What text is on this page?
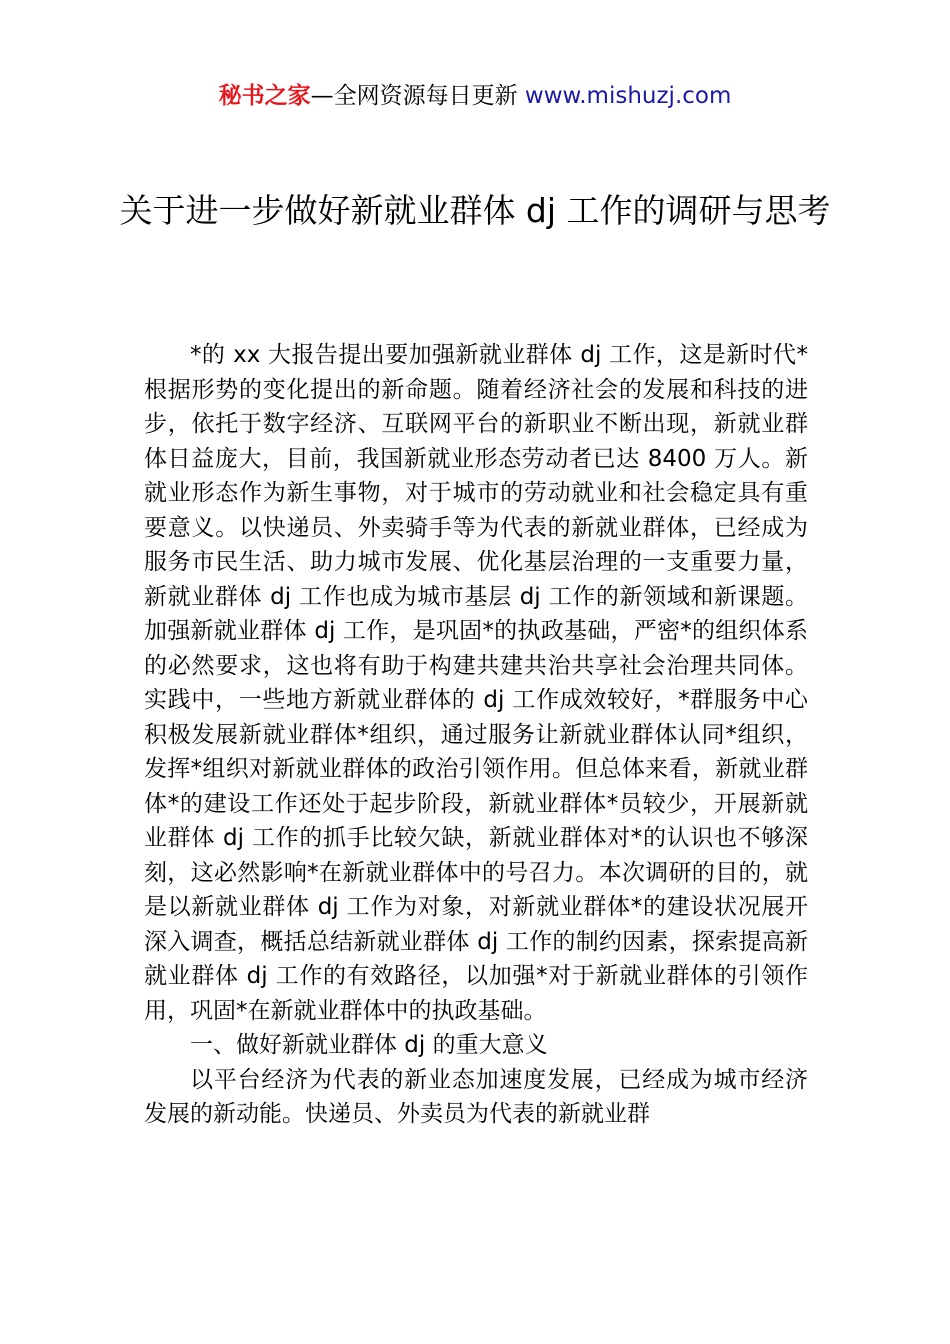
秘书之家—全网资源每日更新 www.mishuzj.com
关于进一步做好新就业群体 dj 工作的调研与思考

*的 xx 大报告提出要加强新就业群体 dj 工作，这是新时代*根据形势的变化提出的新命题。随着经济社会的发展和科技的进步，依托于数字经济、互联网平台的新职业不断出现，新就业群体日益庞大，目前，我国新就业形态劳动者已达 8400 万人。新就业形态作为新生事物，对于城市的劳动就业和社会稳定具有重要意义。以快递员、外卖骑手等为代表的新就业群体，已经成为服务市民生活、助力城市发展、优化基层治理的一支重要力量，新就业群体 dj 工作也成为城市基层 dj 工作的新领域和新课题。加强新就业群体 dj 工作，是巩固*的执政基础，严密*的组织体系的必然要求，这也将有助于构建共建共治共享社会治理共同体。实践中，一些地方新就业群体的 dj 工作成效较好，*群服务中心积极发展新就业群体*组织，通过服务让新就业群体认同*组织，发挥*组织对新就业群体的政治引领作用。但总体来看，新就业群体*的建设工作还处于起步阶段，新就业群体*员较少，开展新就业群体 dj 工作的抓手比较欠缺，新就业群体对*的认识也不够深刻，这必然影响*在新就业群体中的号召力。本次调研的目的，就是以新就业群体 dj 工作为对象，对新就业群体*的建设状况展开深入调查，概括总结新就业群体 dj 工作的制约因素，探索提高新就业群体 dj 工作的有效路径，以加强*对于新就业群体的引领作用，巩固*在新就业群体中的执政基础。

一、做好新就业群体 dj 的重大意义

以平台经济为代表的新业态加速度发展，已经成为城市经济发展的新动能。快递员、外卖员为代表的新就业群
